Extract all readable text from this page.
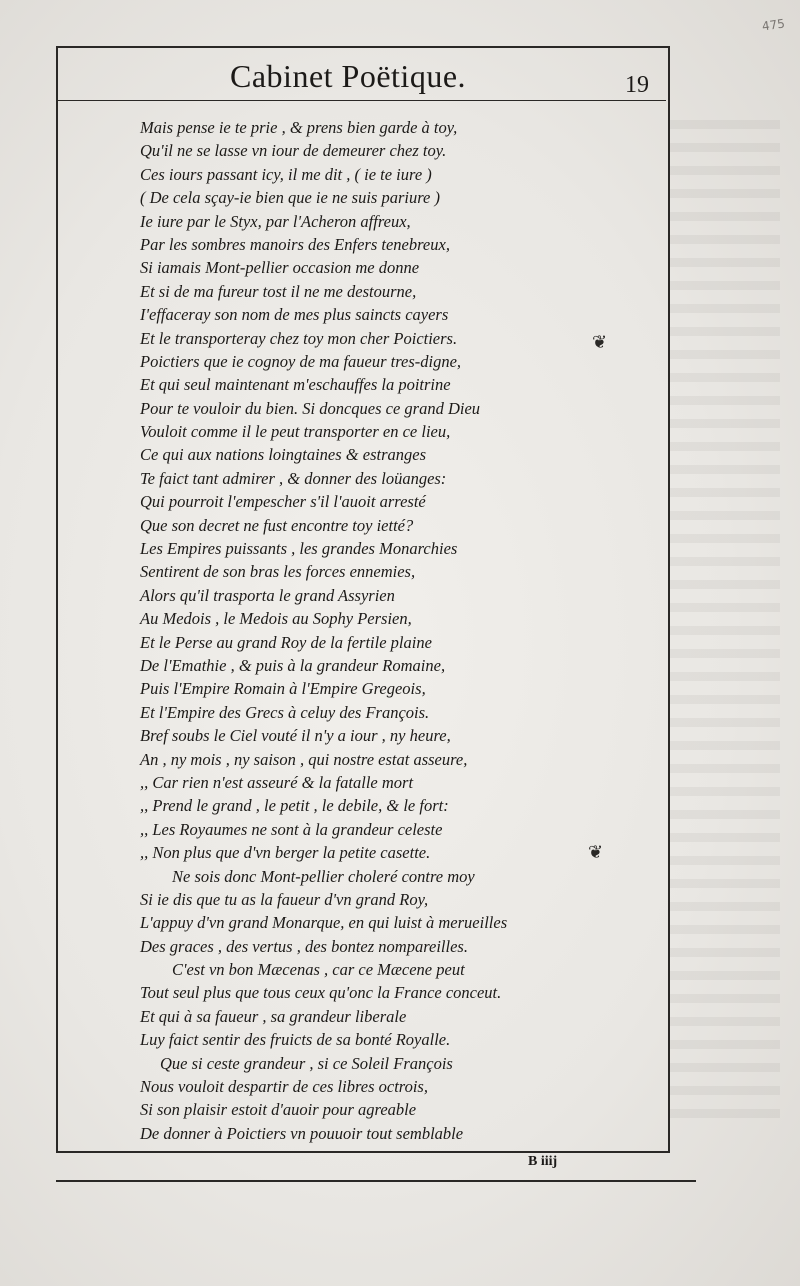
Cabinet Poëtique.	19
475
Mais pense ie te prie , & prens bien garde à toy,
Qu'il ne se lasse vn iour de demeurer chez toy.
Ces iours passant icy, il me dit , ( ie te iure )
( De cela sçay-ie bien que ie ne suis pariure )
Ie iure par le Styx, par l'Acheron affreux,
Par les sombres manoirs des Enfers tenebreux,
Si iamais Mont-pellier occasion me donne
Et si de ma fureur tost il ne me destourne,
I'effaceray son nom de mes plus saincts cayers
Et le transporteray chez toy mon cher Poictiers.
Poictiers que ie cognoy de ma faueur tres-digne,
Et qui seul maintenant m'eschauffes la poitrine
Pour te vouloir du bien. Si doncques ce grand Dieu
Vouloit comme il le peut transporter en ce lieu,
Ce qui aux nations loingtaines & estranges
Te faict tant admirer , & donner des loüanges:
Qui pourroit l'empescher s'il l'auoit arresté
Que son decret ne fust encontre toy ietté?
Les Empires puissants , les grandes Monarchies
Sentirent de son bras les forces ennemies,
Alors qu'il trasporta le grand Assyrien
Au Medois , le Medois au Sophy Persien,
Et le Perse au grand Roy de la fertile plaine
De l'Emathie , & puis à la grandeur Romaine,
Puis l'Empire Romain à l'Empire Gregeois,
Et l'Empire des Grecs à celuy des François.
Bref soubs le Ciel vouté il n'y a iour , ny heure,
An , ny mois , ny saison , qui nostre estat asseure,
,, Car rien n'est asseuré & la fatalle mort
,, Prend le grand , le petit , le debile, & le fort:
,, Les Royaumes ne sont à la grandeur celeste
,, Non plus que d'vn berger la petite casette.
Ne sois donc Mont-pellier choleré contre moy
Si ie dis que tu as la faueur d'vn grand Roy,
L'appuy d'vn grand Monarque, en qui luist à merueilles
Des graces , des vertus , des bontez nompareilles.
C'est vn bon Mæcenas , car ce Mæcene peut
Tout seul plus que tous ceux qu'onc la France conceut.
Et qui à sa faueur , sa grandeur liberale
Luy faict sentir des fruicts de sa bonté Royalle.
Que si ceste grandeur , si ce Soleil François
Nous vouloit despartir de ces libres octrois,
Si son plaisir estoit d'auoir pour agreable
De donner à Poictiers vn pouuoir tout semblable
❦
❦
B iiij
